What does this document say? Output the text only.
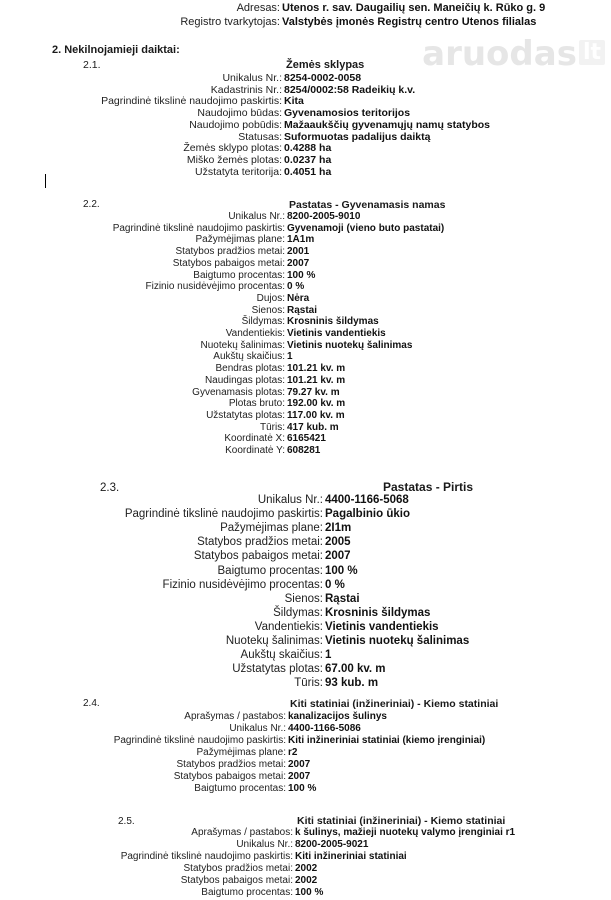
Adresas: Utenos r. sav. Daugailių sen. Maneičių k. Rūko g. 9
Registro tvarkytojas: Valstybės įmonės Registrų centro Utenos filialas
aruodas lt
2. Nekilnojamieji daiktai:
2.1.	Žemės sklypas
Unikalus Nr.: 8254-0002-0058
Kadastrinis Nr.: 8254/0002:58 Radeikių k.v.
Pagrindinė tikslinė naudojimo paskirtis: Kita
Naudojimo būdas: Gyvenamosios teritorijos
Naudojimo pobūdis: Mažaaukščių gyvenamųjų namų statybos
Statusas: Suformuotas padalijus daiktą
Žemės sklypo plotas: 0.4288 ha
Miško žemės plotas: 0.0237 ha
Užstatyta teritorija: 0.4051 ha
2.2.	Pastatas - Gyvenamasis namas
Unikalus Nr.: 8200-2005-9010
Pagrindinė tikslinė naudojimo paskirtis: Gyvenamoji (vieno buto pastatai)
Pažymėjimas plane: 1A1m
Statybos pradžios metai: 2001
Statybos pabaigos metai: 2007
Baigtumo procentas: 100 %
Fizinio nusidėvėjimo procentas: 0 %
Dujos: Nėra
Sienos: Rąstai
Šildymas: Krosninis šildymas
Vandentiekis: Vietinis vandentiekis
Nuotekų šalinimas: Vietinis nuotekų šalinimas
Aukštų skaičius: 1
Bendras plotas: 101.21 kv. m
Naudingas plotas: 101.21 kv. m
Gyvenamasis plotas: 79.27 kv. m
Plotas bruto: 192.00 kv. m
Užstatytas plotas: 117.00 kv. m
Tūris: 417 kub. m
Koordinatė X: 6165421
Koordinatė Y: 608281
2.3.	Pastatas - Pirtis
Unikalus Nr.: 4400-1166-5068
Pagrindinė tikslinė naudojimo paskirtis: Pagalbinio ūkio
Pažymėjimas plane: 2I1m
Statybos pradžios metai: 2005
Statybos pabaigos metai: 2007
Baigtumo procentas: 100 %
Fizinio nusidėvėjimo procentas: 0 %
Sienos: Rąstai
Šildymas: Krosninis šildymas
Vandentiekis: Vietinis vandentiekis
Nuotekų šalinimas: Vietinis nuotekų šalinimas
Aukštų skaičius: 1
Užstatytas plotas: 67.00 kv. m
Tūris: 93 kub. m
2.4.	Kiti statiniai (inžineriniai) - Kiemo statiniai
Aprašymas / pastabos: kanalizacijos šulinys
Unikalus Nr.: 4400-1166-5086
Pagrindinė tikslinė naudojimo paskirtis: Kiti inžineriniai statiniai (kiemo įrenginiai)
Pažymėjimas plane: r2
Statybos pradžios metai: 2007
Statybos pabaigos metai: 2007
Baigtumo procentas: 100 %
2.5.	Kiti statiniai (inžineriniai) - Kiemo statiniai
Aprašymas / pastabos: k šulinys, mažieji nuotekų valymo įrenginiai r1
Unikalus Nr.: 8200-2005-9021
Pagrindinė tikslinė naudojimo paskirtis: Kiti inžineriniai statiniai
Statybos pradžios metai: 2002
Statybos pabaigos metai: 2002
Baigtumo procentas: 100 %
